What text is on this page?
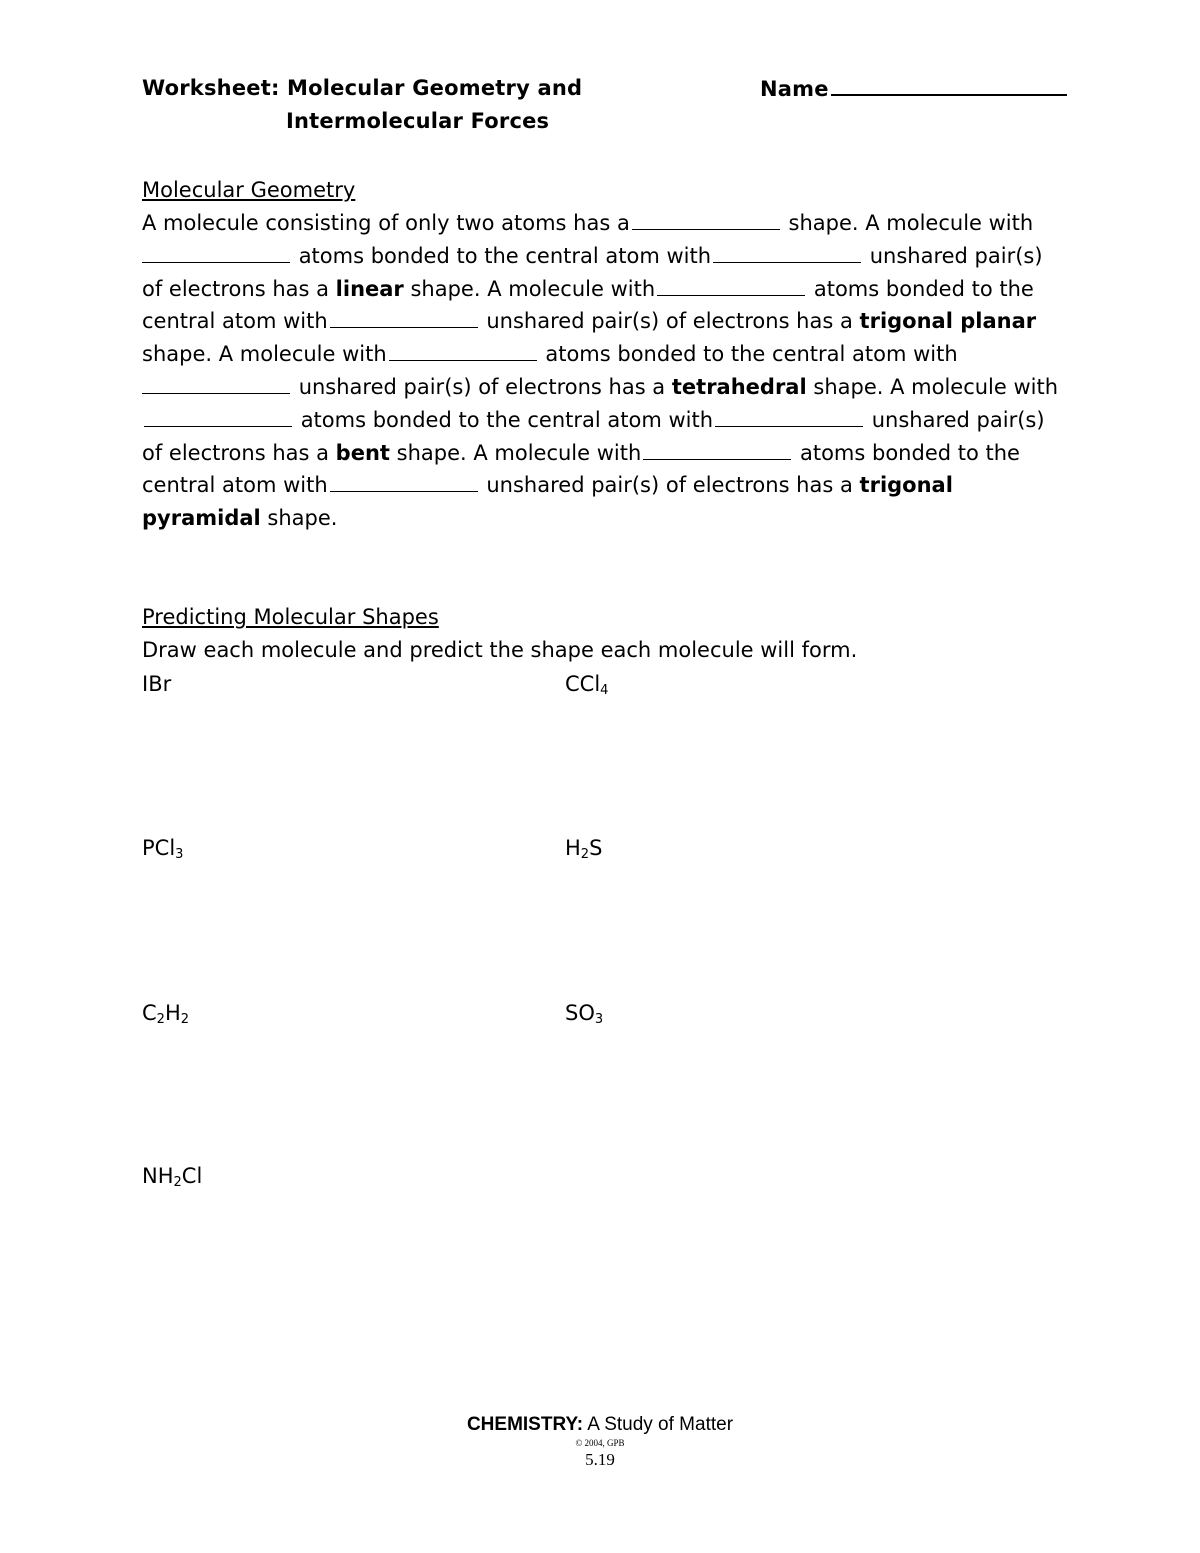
Worksheet: Molecular Geometry and
Intermolecular Forces
Name
Molecular Geometry
A molecule consisting of only two atoms has a	shape. A molecule with
atoms bonded to the central atom with	unshared pair(s) of electrons has a linear shape. A molecule with	atoms bonded to the central atom with	unshared pair(s) of electrons has a trigonal planar shape. A molecule with	atoms bonded to the central atom with
unshared pair(s) of electrons has a tetrahedral shape. A molecule with atoms bonded to the central atom with	unshared pair(s) of electrons has a bent shape. A molecule with	atoms bonded to the central atom with	unshared pair(s) of electrons has a trigonal pyramidal shape.
Predicting Molecular Shapes
Draw each molecule and predict the shape each molecule will form.
IBr	CCl$_4$
PCl$_3$	$H_2S$
$C_2H_2$	$SO_3$
$NH_2Cl$
CHEMISTRY: A Study of Matter
© 2004, GPB
5.19
